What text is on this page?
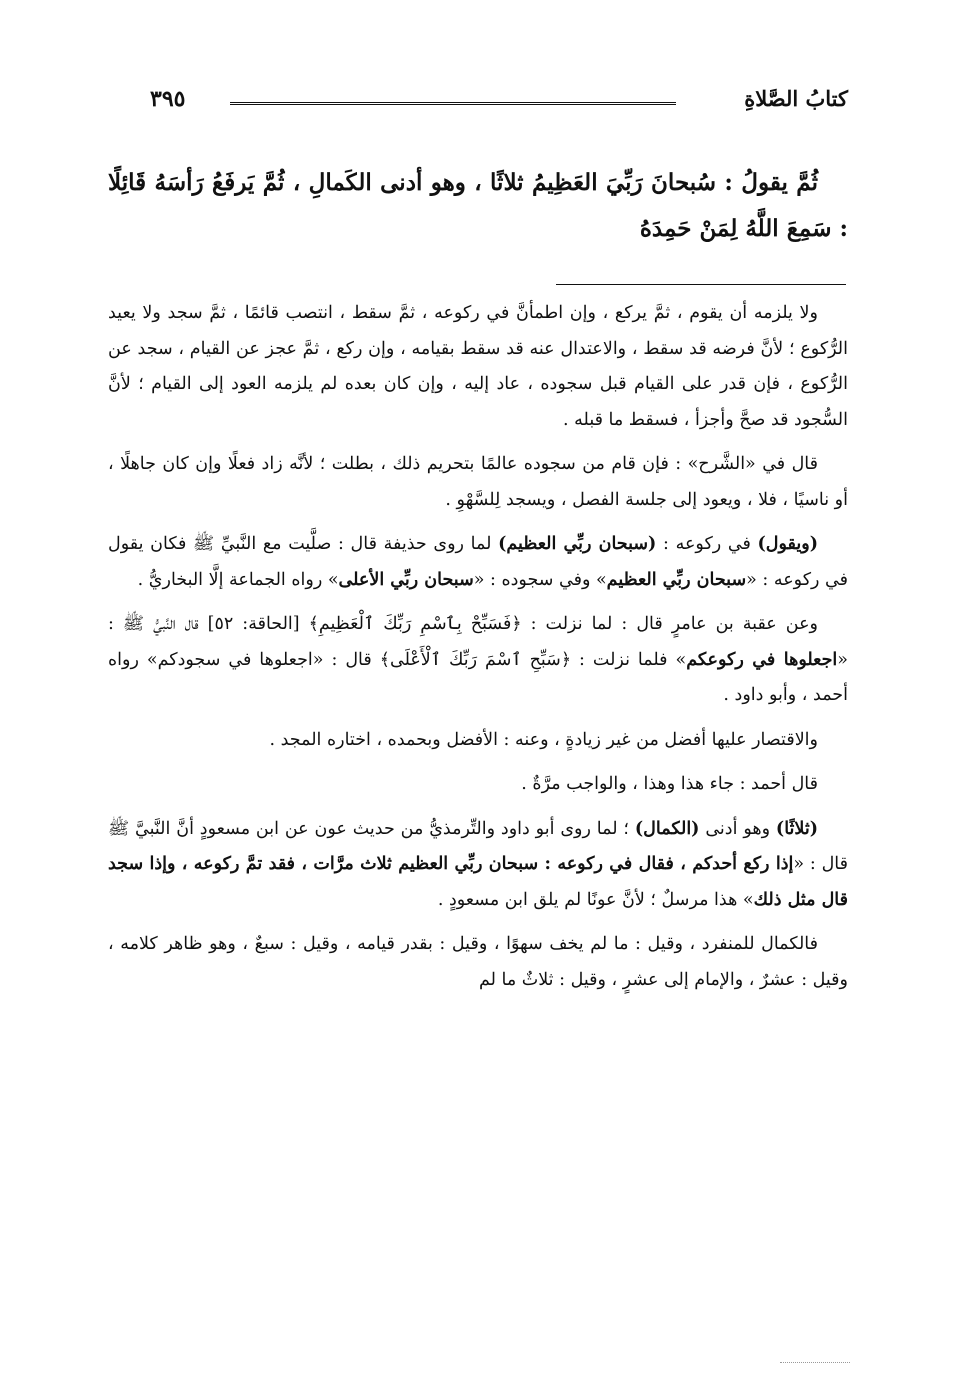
كتابُ الصَّلاةِ
٣٩٥

ثُمَّ يقولُ : سُبحانَ رَبِّيَ العَظِيمُ ثلاثًا ، وهو أدنى الكَمالِ ، ثُمَّ يَرفَعُ رَأسَهُ قَائِلًا : سَمِعَ اللَّهُ لِمَنْ حَمِدَهُ

ولا يلزمه أن يقوم ، ثمَّ يركع ، وإن اطمأنَّ في ركوعه ، ثمَّ سقط ، انتصب قائمًا ، ثمَّ سجد ولا يعيد الرُّكوع ؛ لأنَّ فرضه قد سقط ، والاعتدال عنه قد سقط بقيامه ، وإن ركع ، ثمَّ عجز عن القيام ، سجد عن الرُّكوع ، فإن قدر على القيام قبل سجوده ، عاد إليه ، وإن كان بعده لم يلزمه العود إلى القيام ؛ لأنَّ السُّجود قد صحَّ وأجزأ ، فسقط ما قبله .

قال في «الشَّرح» : فإن قام من سجوده عالمًا بتحريم ذلك ، بطلت ؛ لأنَّه زاد فعلًا وإن كان جاهلًا ، أو ناسيًا ، فلا ، ويعود إلى جلسة الفصل ، ويسجد لِلسَّهْوِ .

(ويقول) في ركوعه : (سبحان ربِّي العظيم) لما روى حذيفة قال : صلَّيت مع النَّبيِّ ﷺ فكان يقول في ركوعه : «سبحان ربِّي العظيم» وفي سجوده : «سبحان ربِّي الأعلى» رواه الجماعة إلَّا البخاريُّ .

وعن عقبة بن عامرٍ قال : لما نزلت : ﴿فَسَبِّحْ بِٱسْمِ رَبِّكَ ٱلْعَظِيمِ﴾ [الحاقة: ٥٢] قال النَّبيُّ ﷺ : «اجعلوها في ركوعكم» فلما نزلت : ﴿سَبِّحِ ٱسْمَ رَبِّكَ ٱلْأَعْلَى﴾ قال : «اجعلوها في سجودكم» رواه أحمد ، وأبو داود .

والاقتصار عليها أفضل من غير زيادةٍ ، وعنه : الأفضل وبحمده ، اختاره المجد .

قال أحمد : جاء هذا وهذا ، والواجب مرَّةٌ .

(ثلاثًا) وهو أدنى (الكمال) ؛ لما روى أبو داود والتِّرمذيُّ من حديث عون عن ابن مسعودٍ أنَّ النَّبيَّ ﷺ قال : «إذا ركع أحدكم ، فقال في ركوعه : سبحان ربِّي العظيم ثلاث مرَّات ، فقد تمَّ ركوعه ، وإذا سجد قال مثل ذلك» هذا مرسلٌ ؛ لأنَّ عونًا لم يلق ابن مسعودٍ .

فالكمال للمنفرد ، وقيل : ما لم يخف سهوًا ، وقيل : بقدر قيامه ، وقيل : سبعٌ ، وهو ظاهر كلامه ، وقيل : عشرٌ ، والإمام إلى عشرٍ ، وقيل : ثلاثٌ ما لم
